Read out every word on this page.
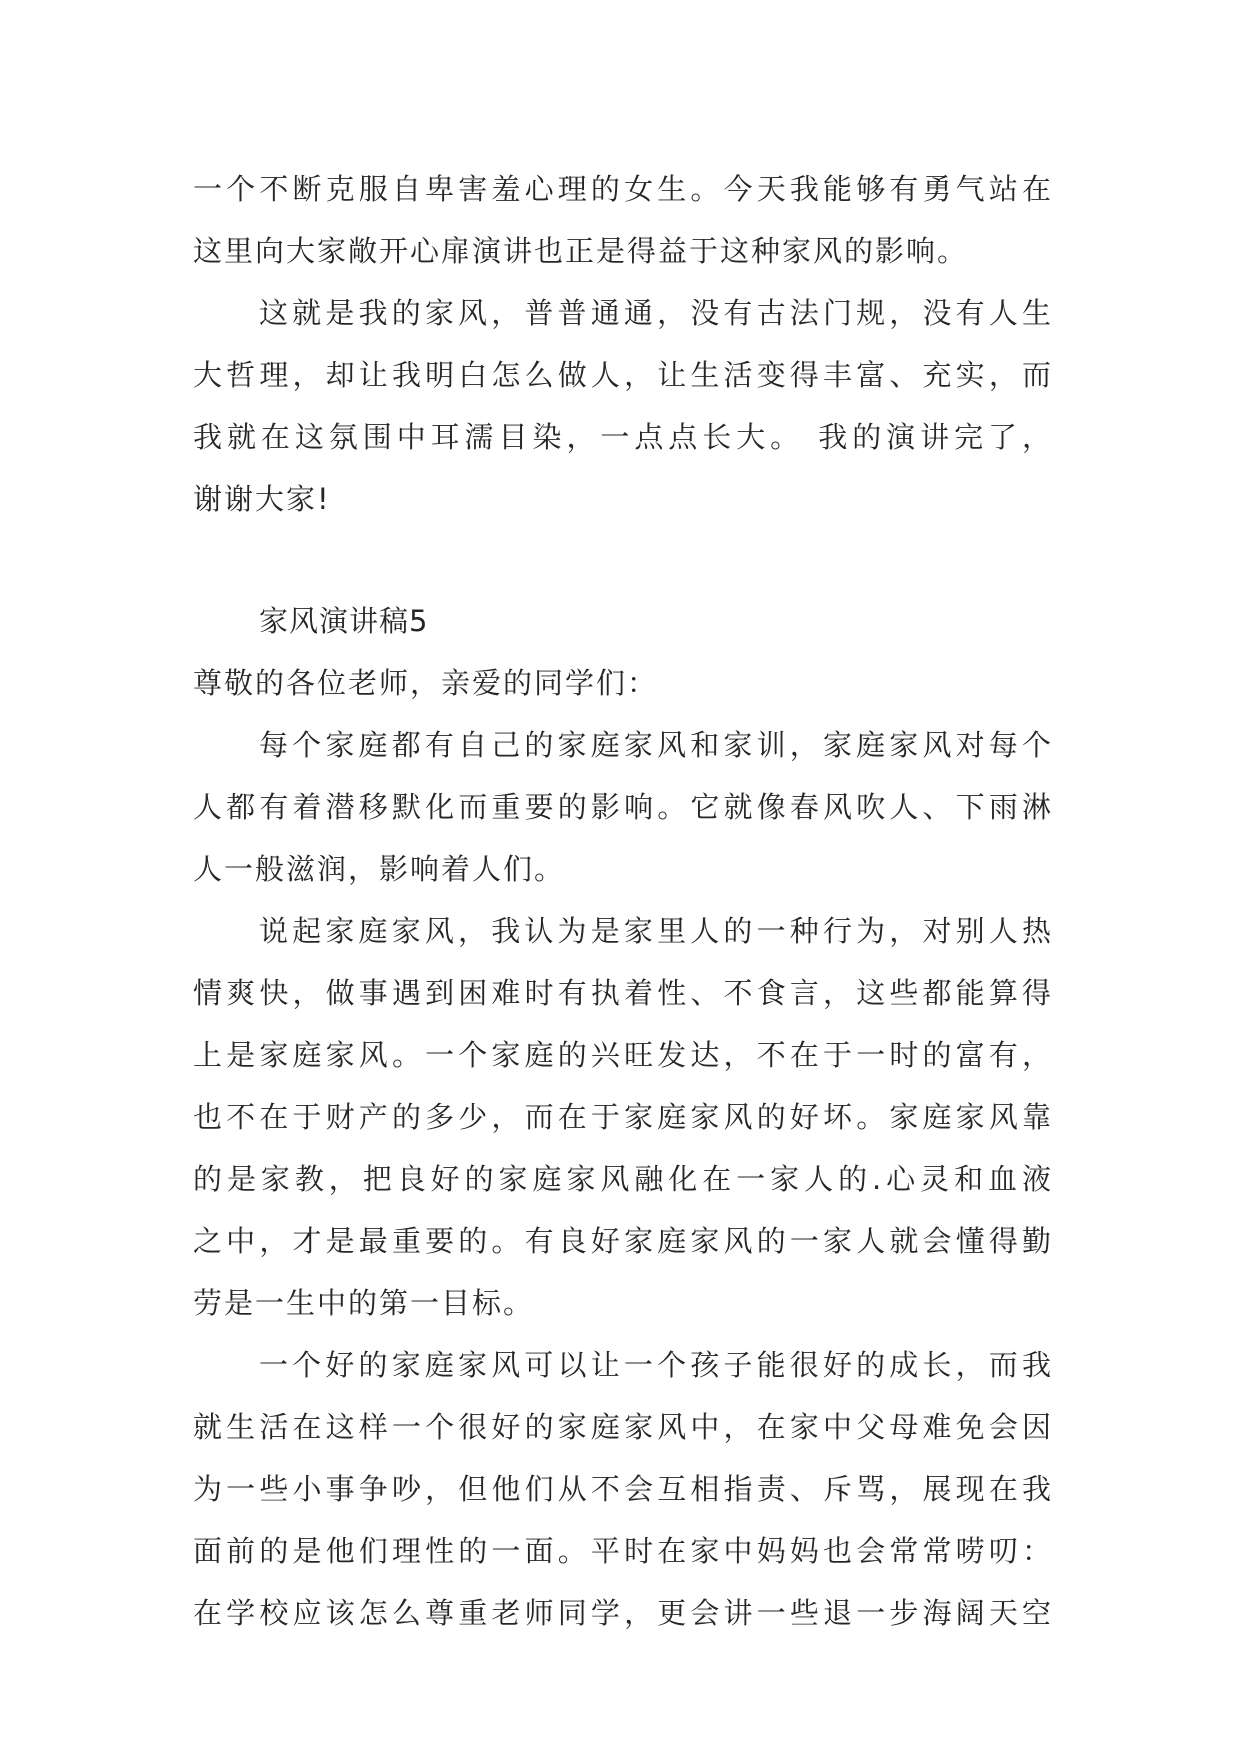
一个不断克服自卑害羞心理的女生。今天我能够有勇气站在
这里向大家敞开心扉演讲也正是得益于这种家风的影响。
这就是我的家风，普普通通，没有古法门规，没有人生
大哲理，却让我明白怎么做人，让生活变得丰富、充实，而
我就在这氛围中耳濡目染，一点点长大。 我的演讲完了，
谢谢大家!
家风演讲稿5
尊敬的各位老师，亲爱的同学们：
每个家庭都有自己的家庭家风和家训，家庭家风对每个
人都有着潜移默化而重要的影响。它就像春风吹人、下雨淋
人一般滋润，影响着人们。
说起家庭家风，我认为是家里人的一种行为，对别人热
情爽快，做事遇到困难时有执着性、不食言，这些都能算得
上是家庭家风。一个家庭的兴旺发达，不在于一时的富有，
也不在于财产的多少，而在于家庭家风的好坏。家庭家风靠
的是家教，把良好的家庭家风融化在一家人的.心灵和血液
之中，才是最重要的。有良好家庭家风的一家人就会懂得勤
劳是一生中的第一目标。
一个好的家庭家风可以让一个孩子能很好的成长，而我
就生活在这样一个很好的家庭家风中，在家中父母难免会因
为一些小事争吵，但他们从不会互相指责、斥骂，展现在我
面前的是他们理性的一面。平时在家中妈妈也会常常唠叨：
在学校应该怎么尊重老师同学，更会讲一些退一步海阔天空
